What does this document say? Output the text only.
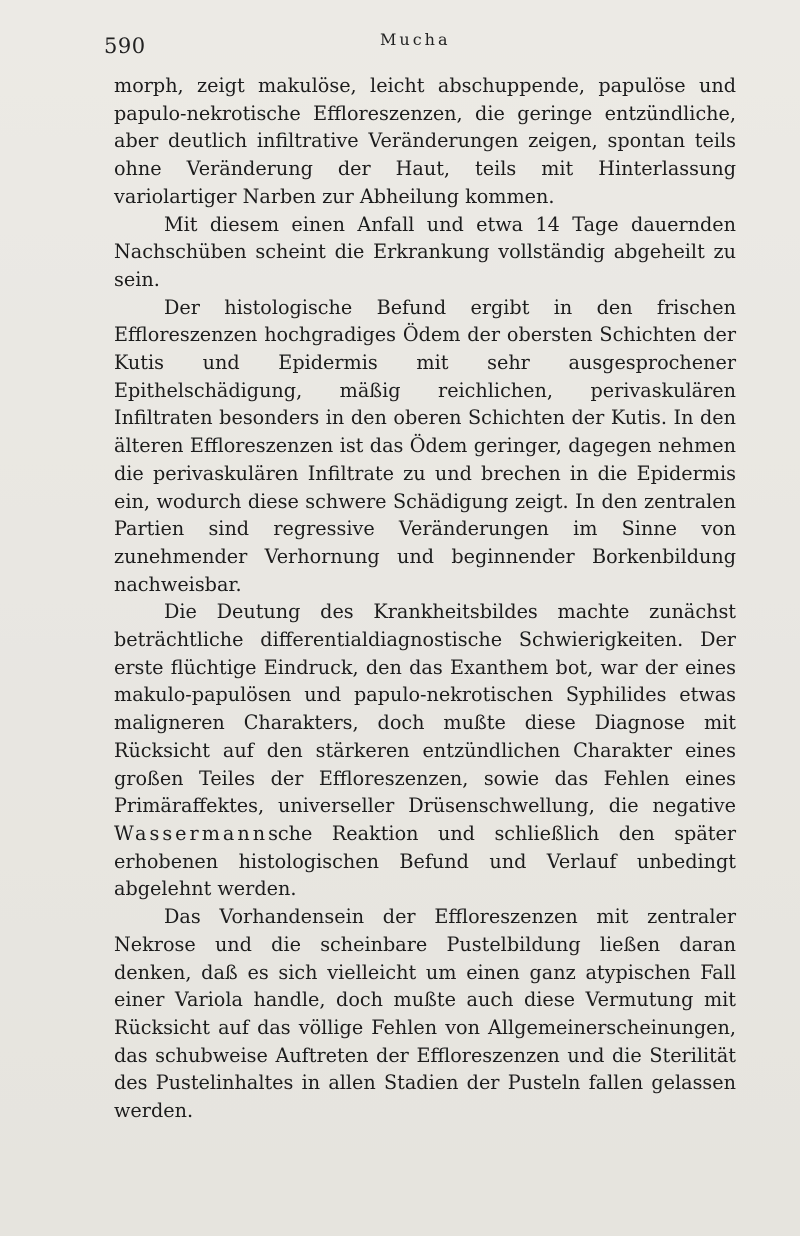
590	Mucha

morph, zeigt makulöse, leicht abschuppende, papulöse und papulo-nekrotische Effloreszenzen, die geringe entzündliche, aber deutlich infiltrative Veränderungen zeigen, spontan teils ohne Veränderung der Haut, teils mit Hinterlassung variolartiger Narben zur Abheilung kommen.

Mit diesem einen Anfall und etwa 14 Tage dauernden Nachschüben scheint die Erkrankung vollständig abgeheilt zu sein.

Der histologische Befund ergibt in den frischen Effloreszenzen hochgradiges Ödem der obersten Schichten der Kutis und Epidermis mit sehr ausgesprochener Epithelschädigung, mäßig reichlichen, perivaskulären Infiltraten besonders in den oberen Schichten der Kutis. In den älteren Effloreszenzen ist das Ödem geringer, dagegen nehmen die perivaskulären Infiltrate zu und brechen in die Epidermis ein, wodurch diese schwere Schädigung zeigt. In den zentralen Partien sind regressive Veränderungen im Sinne von zunehmender Verhornung und beginnender Borkenbildung nachweisbar.

Die Deutung des Krankheitsbildes machte zunächst beträchtliche differentialdiagnostische Schwierigkeiten. Der erste flüchtige Eindruck, den das Exanthem bot, war der eines makulo-papulösen und papulo-nekrotischen Syphilides etwas maligneren Charakters, doch mußte diese Diagnose mit Rücksicht auf den stärkeren entzündlichen Charakter eines großen Teiles der Effloreszenzen, sowie das Fehlen eines Primäraffektes, universeller Drüsenschwellung, die negative Wassermannsche Reaktion und schließlich den später erhobenen histologischen Befund und Verlauf unbedingt abgelehnt werden.

Das Vorhandensein der Effloreszenzen mit zentraler Nekrose und die scheinbare Pustelbildung ließen daran denken, daß es sich vielleicht um einen ganz atypischen Fall einer Variola handle, doch mußte auch diese Vermutung mit Rücksicht auf das völlige Fehlen von Allgemeinerscheinungen, das schubweise Auftreten der Effloreszenzen und die Sterilität des Pustelinhaltes in allen Stadien der Pusteln fallen gelassen werden.
